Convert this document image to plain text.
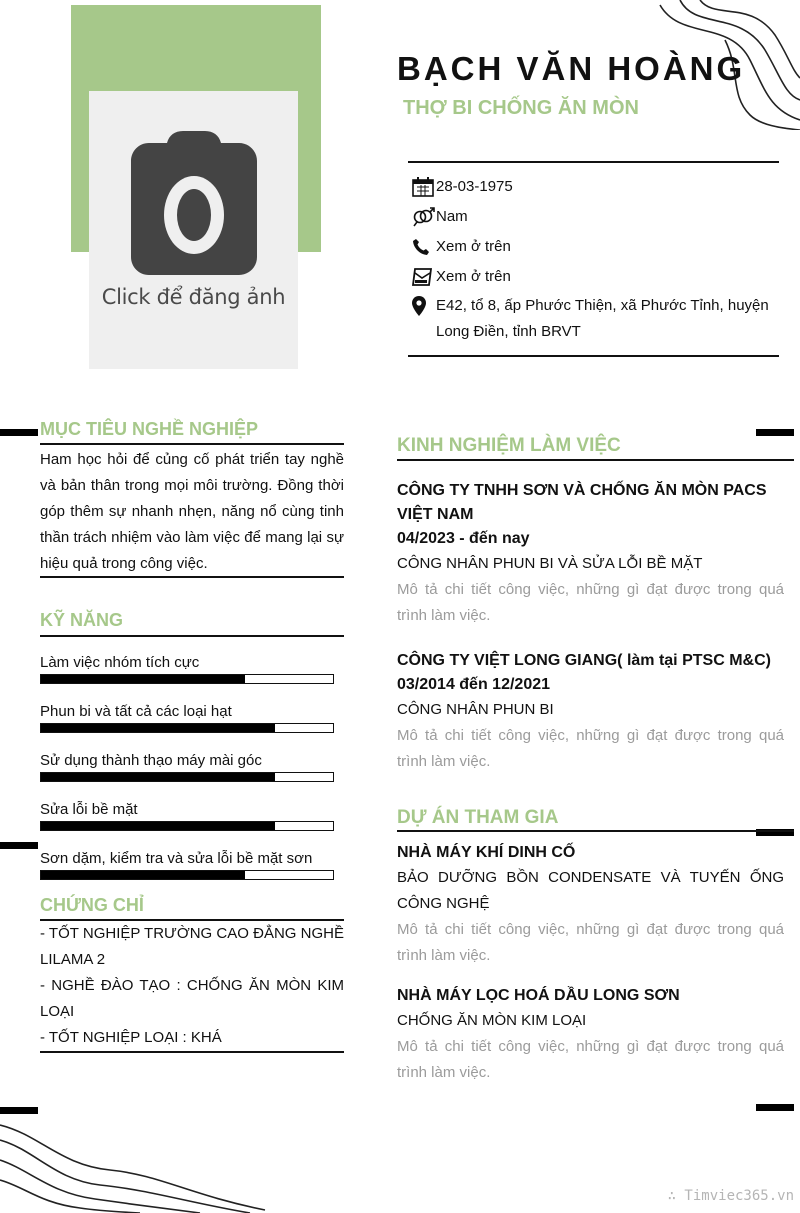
Click để đăng ảnh
BẠCH VĂN HOÀNG
THỢ BI CHỐNG ĂN MÒN
28-03-1975
Nam
Xem ở trên
Xem ở trên
E42, tổ 8, ấp Phước Thiện, xã Phước Tỉnh, huyện Long Điền, tỉnh BRVT
MỤC TIÊU NGHỀ NGHIỆP
Ham học hỏi để củng cố phát triển tay nghề và bản thân trong mọi môi trường. Đồng thời góp thêm sự nhanh nhẹn, năng nổ cùng tinh thần trách nhiệm vào làm việc để mang lại sự hiệu quả trong công việc.
KỸ NĂNG
Làm việc nhóm tích cực
Phun bi và tất cả các loại hạt
Sử dụng thành thạo máy mài góc
Sửa lỗi bề mặt
Sơn dặm, kiểm tra và sửa lỗi bề mặt sơn
CHỨNG CHỈ
- TỐT NGHIỆP TRƯỜNG CAO ĐẲNG NGHỀ LILAMA 2
- NGHỀ ĐÀO TẠO : CHỐNG ĂN MÒN KIM LOẠI
- TỐT NGHIỆP LOẠI : KHÁ
KINH NGHIỆM LÀM VIỆC
CÔNG TY TNHH SƠN VÀ CHỐNG ĂN MÒN PACS VIỆT NAM
04/2023 - đến nay
CÔNG NHÂN PHUN BI VÀ SỬA LỖI BỀ MẶT
Mô tả chi tiết công việc, những gì đạt được trong quá trình làm việc.
CÔNG TY VIỆT LONG GIANG( làm tại PTSC M&C)
03/2014 đến 12/2021
CÔNG NHÂN PHUN BI
Mô tả chi tiết công việc, những gì đạt được trong quá trình làm việc.
DỰ ÁN THAM GIA
NHÀ MÁY KHÍ DINH CỐ
BẢO DƯỠNG BỒN CONDENSATE VÀ TUYẾN ỐNG CÔNG NGHỆ
Mô tả chi tiết công việc, những gì đạt được trong quá trình làm việc.
NHÀ MÁY LỌC HOÁ DẦU LONG SƠN
CHỐNG ĂN MÒN KIM LOẠI
Mô tả chi tiết công việc, những gì đạt được trong quá trình làm việc.
∴ Timviec365.vn
